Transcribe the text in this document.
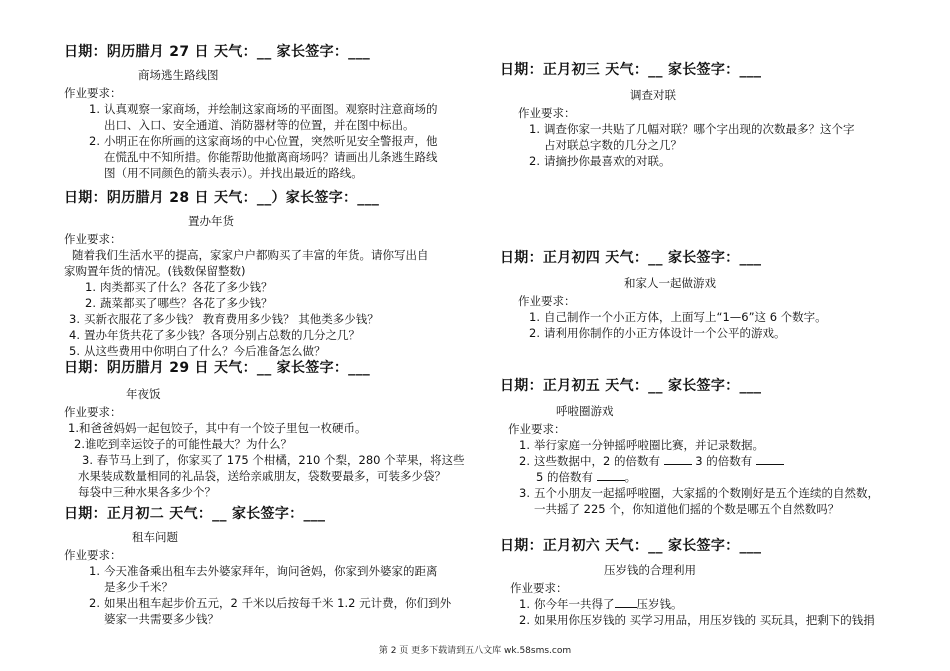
日期：阴历腊月 27 日 天气：__ 家长签字：___
商场逃生路线图
作业要求：
1. 认真观察一家商场，并绘制这家商场的平面图。观察时注意商场的
出口、入口、安全通道、消防器材等的位置，并在图中标出。
2. 小明正在你所画的这家商场的中心位置，突然听见安全警报声，他
在慌乱中不知所措。你能帮助他撤离商场吗？请画出儿条逃生路线
图（用不同颜色的箭头表示）。并找出最近的路线。
日期：阴历腊月 28 日 天气：__）家长签字：___
置办年货
作业要求：
随着我们生活水平的提高，家家户户都购买了丰富的年货。请你写出自
家购置年货的情况。(钱数保留整数)
1. 肉类都买了什么？各花了多少钱？
2. 蔬菜都买了哪些？各花了多少钱？
3. 买新衣服花了多少钱？ 教育费用多少钱？ 其他类多少钱？
4. 置办年货共花了多少钱？各项分别占总数的几分之几？
5. 从这些费用中你明白了什么？今后准备怎么做？
日期：阴历腊月 29 日 天气：__ 家长签字：___
年夜饭
作业要求：
1.和爸爸妈妈一起包饺子，其中有一个饺子里包一枚硬币。
2.谁吃到幸运饺子的可能性最大？为什么？
3. 春节马上到了，你家买了 175 个柑橘，210 个梨，280 个苹果，将这些
水果装成数量相同的礼品袋，送给亲戚朋友，袋数要最多，可装多少袋？
每袋中三种水果各多少个？
日期：正月初二 天气：__ 家长签字：___
租车问题
作业要求：
1. 今天准备乘出租车去外婆家拜年，询问爸妈，你家到外婆家的距离
是多少千米？
2. 如果出租车起步价五元，2 千米以后按每千米 1.2 元计费，你们到外
婆家一共需要多少钱？
日期：正月初三 天气：__ 家长签字：___
调查对联
作业要求：
1. 调查你家一共贴了几幅对联？哪个字出现的次数最多？这个字
占对联总字数的几分之几？
2. 请摘抄你最喜欢的对联。
日期：正月初四 天气：__ 家长签字：___
和家人一起做游戏
作业要求：
1. 自己制作一个小正方体，上面写上“1—6”这 6 个数字。
2. 请利用你制作的小正方体设计一个公平的游戏。
日期：正月初五 天气：__ 家长签字：___
呼啦圈游戏
作业要求：
1. 举行家庭一分钟摇呼啦圈比赛，并记录数据。
2. 这些数据中，2 的倍数有	3 的倍数有
5 的倍数有	。
3. 五个小朋友一起摇呼啦圈，大家摇的个数刚好是五个连续的自然数，
一共摇了 225 个，你知道他们摇的个数是哪五个自然数吗？
日期：正月初六 天气：__ 家长签字：___
压岁钱的合理利用
作业要求：
1. 你今年一共得了 压岁钱。
2. 如果用你压岁钱的 买学习用品，用压岁钱的 买玩具，把剩下的钱捐
第 2 页 更多下载请到五八文库 wk.58sms.com
